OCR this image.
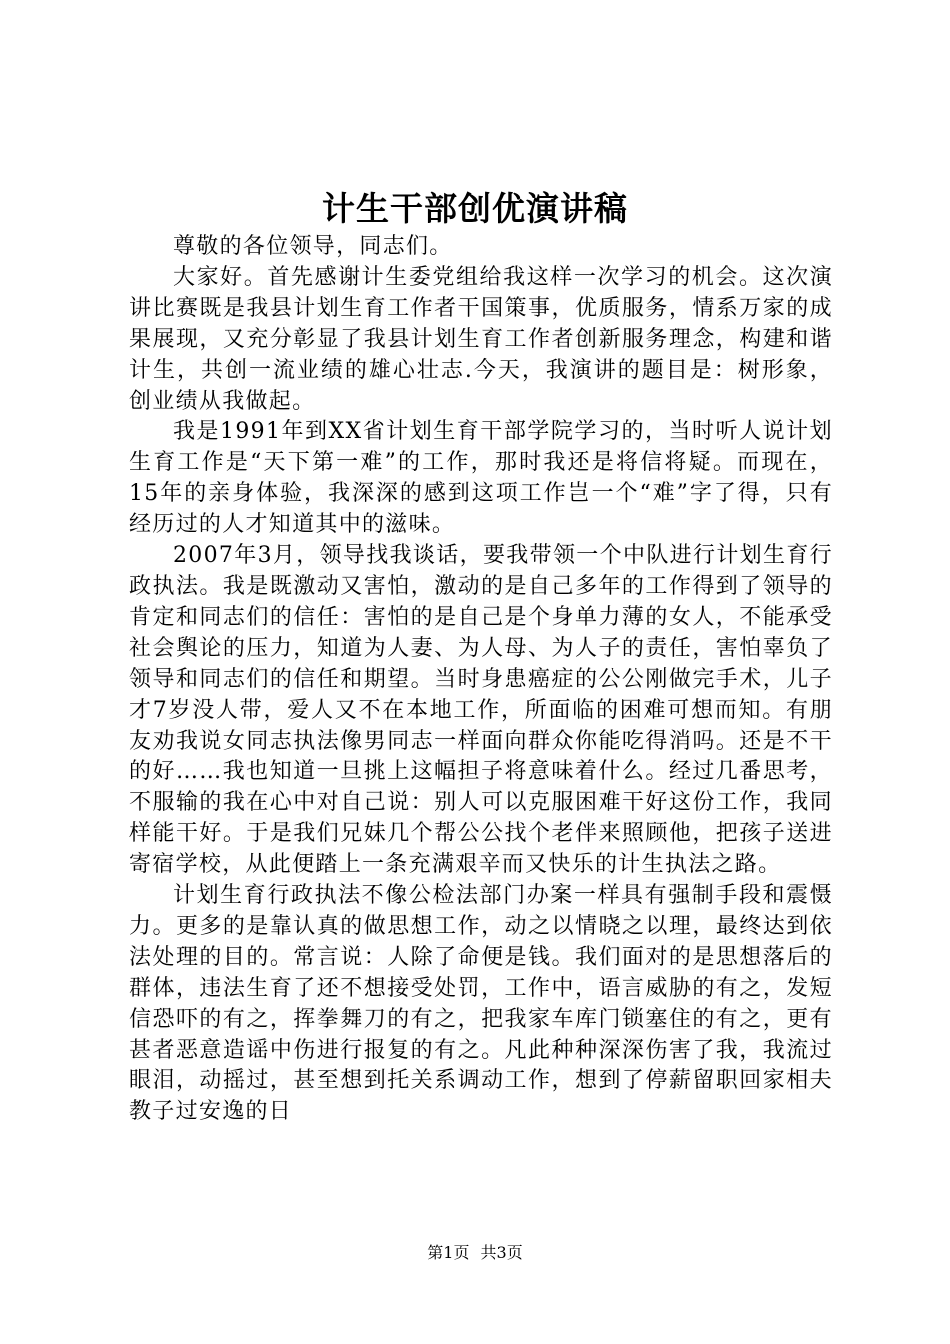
计生干部创优演讲稿

尊敬的各位领导，同志们。

大家好。首先感谢计生委党组给我这样一次学习的机会。这次演讲比赛既是我县计划生育工作者干国策事，优质服务，情系万家的成果展现，又充分彰显了我县计划生育工作者创新服务理念，构建和谐计生，共创一流业绩的雄心壮志.今天，我演讲的题目是：树形象，创业绩从我做起。

我是1991年到XX省计划生育干部学院学习的，当时听人说计划生育工作是“天下第一难”的工作，那时我还是将信将疑。而现在，15年的亲身体验，我深深的感到这项工作岂一个“难”字了得，只有经历过的人才知道其中的滋味。

2007年3月，领导找我谈话，要我带领一个中队进行计划生育行政执法。我是既激动又害怕，激动的是自己多年的工作得到了领导的肯定和同志们的信任：害怕的是自己是个身单力薄的女人，不能承受社会舆论的压力，知道为人妻、为人母、为人子的责任，害怕辜负了领导和同志们的信任和期望。当时身患癌症的公公刚做完手术，儿子才7岁没人带，爱人又不在本地工作，所面临的困难可想而知。有朋友劝我说女同志执法像男同志一样面向群众你能吃得消吗。还是不干的好……我也知道一旦挑上这幅担子将意味着什么。经过几番思考，不服输的我在心中对自己说：别人可以克服困难干好这份工作，我同样能干好。于是我们兄妹几个帮公公找个老伴来照顾他，把孩子送进寄宿学校，从此便踏上一条充满艰辛而又快乐的计生执法之路。

计划生育行政执法不像公检法部门办案一样具有强制手段和震慑力。更多的是靠认真的做思想工作，动之以情晓之以理，最终达到依法处理的目的。常言说：人除了命便是钱。我们面对的是思想落后的群体，违法生育了还不想接受处罚，工作中，语言威胁的有之，发短信恐吓的有之，挥拳舞刀的有之，把我家车库门锁塞住的有之，更有甚者恶意造谣中伤进行报复的有之。凡此种种深深伤害了我，我流过眼泪，动摇过，甚至想到托关系调动工作，想到了停薪留职回家相夫教子过安逸的日

第1页 共3页
